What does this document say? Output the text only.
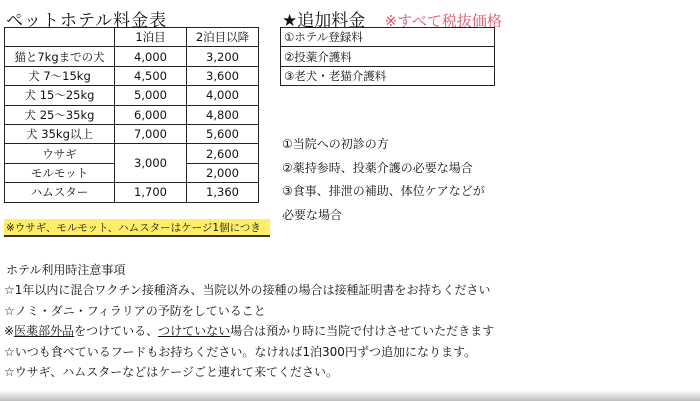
ペットホテル料金表
	1泊目	2泊目以降
猫と7kgまでの犬	4,000	3,200
犬 7～15kg	4,500	3,600
犬 15～25kg	5,000	4,000
犬 25～35kg	6,000	4,800
犬 35kg以上	7,000	5,600
ウサギ	3,000	2,600
モルモット		2,000
ハムスター	1,700	1,360
※ウサギ、モルモット、ハムスターはケージ1個につき
★追加料金 ※すべて税抜価格
①ホテル登録料
②投薬介護料
③老犬・老猫介護料
①当院への初診の方
②薬持参時、投薬介護の必要な場合
③食事、排泄の補助、体位ケアなどが
必要な場合
ホテル利用時注意事項
☆1年以内に混合ワクチン接種済み、当院以外の接種の場合は接種証明書をお持ちください
☆ノミ・ダニ・フィラリアの予防をしていること
※医薬部外品をつけている、つけていない場合は預かり時に当院で付けさせていただきます
☆いつも食べているフードもお持ちください。なければ1泊300円ずつ追加になります。
☆ウサギ、ハムスターなどはケージごと連れて来てください。
